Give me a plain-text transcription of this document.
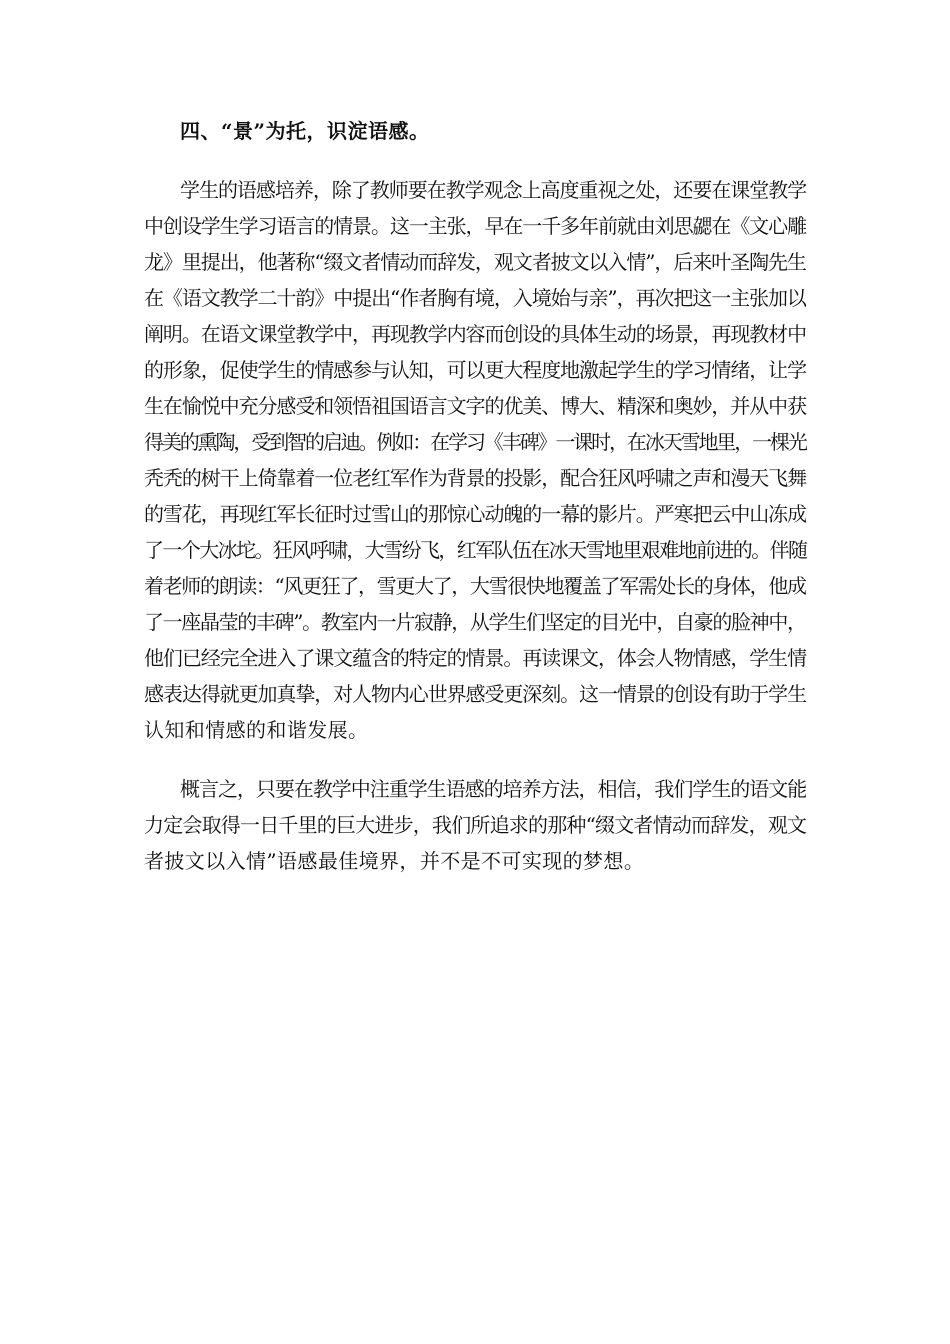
四、“景”为托，识淀语感。
学生的语感培养，除了教师要在教学观念上高度重视之处，还要在课堂教学
中创设学生学习语言的情景。这一主张，早在一千多年前就由刘思勰在《文心雕
龙》里提出，他著称“缀文者情动而辞发，观文者披文以入情”，后来叶圣陶先生
在《语文教学二十韵》中提出“作者胸有境，入境始与亲”，再次把这一主张加以
阐明。在语文课堂教学中，再现教学内容而创设的具体生动的场景，再现教材中
的形象，促使学生的情感参与认知，可以更大程度地激起学生的学习情绪，让学
生在愉悦中充分感受和领悟祖国语言文字的优美、博大、精深和奥妙，并从中获
得美的熏陶，受到智的启迪。例如：在学习《丰碑》一课时，在冰天雪地里，一棵光
秃秃的树干上倚靠着一位老红军作为背景的投影，配合狂风呼啸之声和漫天飞舞
的雪花，再现红军长征时过雪山的那惊心动魄的一幕的影片。严寒把云中山冻成
了一个大冰坨。狂风呼啸，大雪纷飞，红军队伍在冰天雪地里艰难地前进的。伴随
着老师的朗读：“风更狂了，雪更大了，大雪很快地覆盖了军需处长的身体，他成
了一座晶莹的丰碑”。教室内一片寂静，从学生们坚定的目光中，自豪的脸神中，
他们已经完全进入了课文蕴含的特定的情景。再读课文，体会人物情感，学生情
感表达得就更加真挚，对人物内心世界感受更深刻。这一情景的创设有助于学生
认知和情感的和谐发展。
概言之，只要在教学中注重学生语感的培养方法，相信，我们学生的语文能
力定会取得一日千里的巨大进步，我们所追求的那种“缀文者情动而辞发，观文
者披文以入情”语感最佳境界，并不是不可实现的梦想。
